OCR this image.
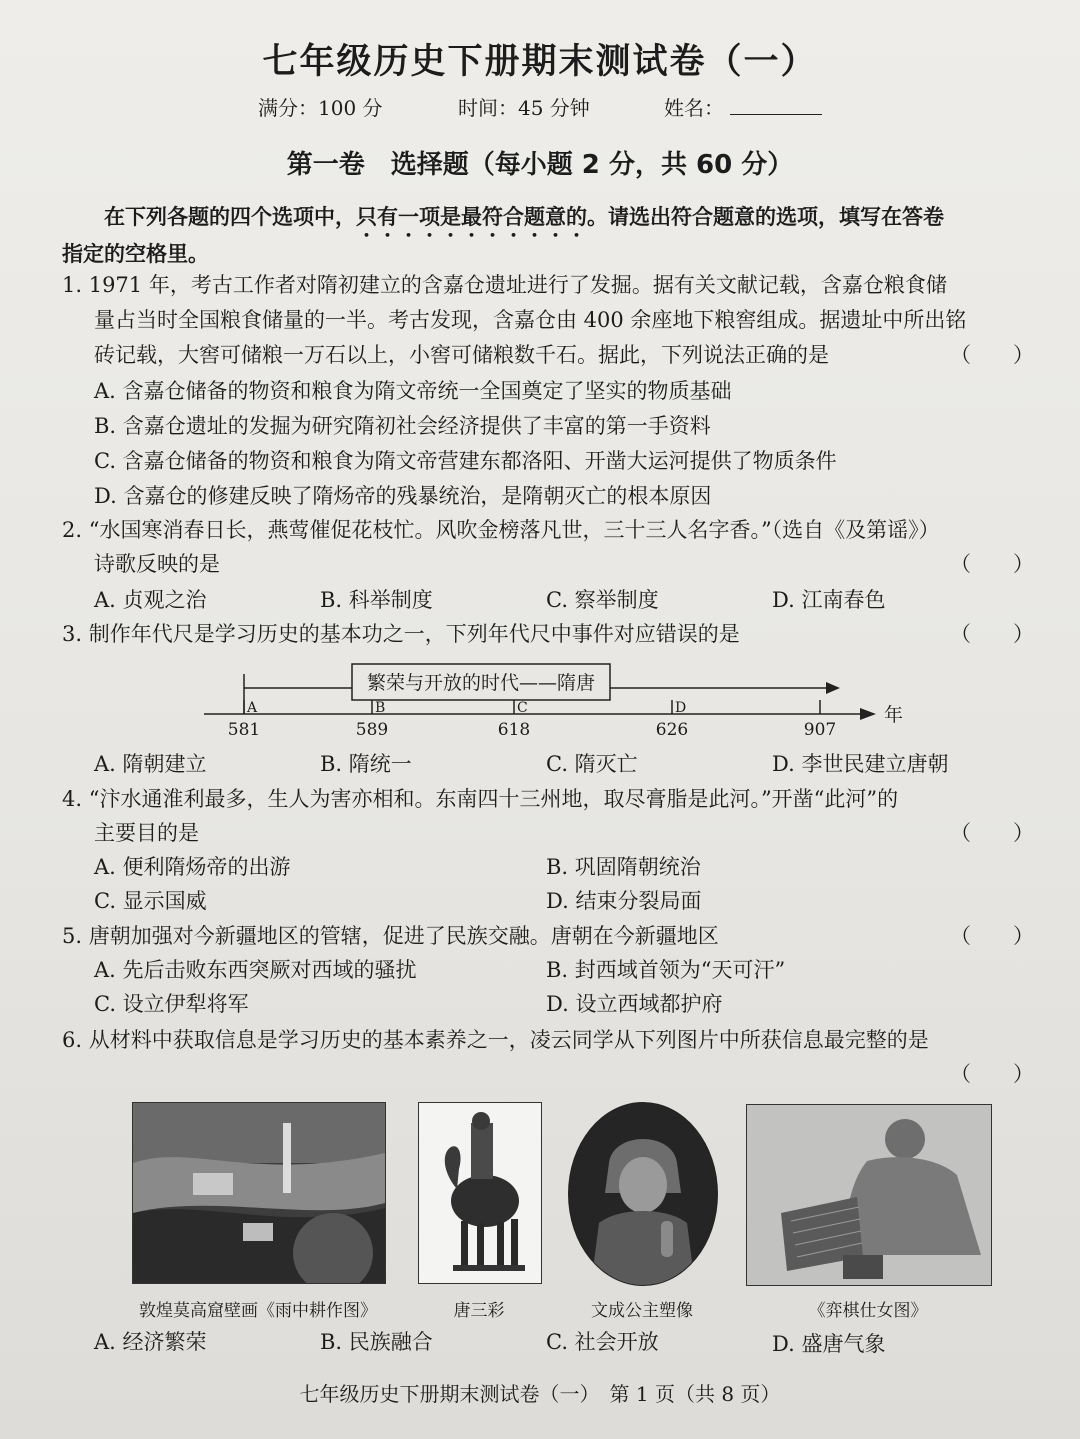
七年级历史下册期末测试卷（一）
满分：100 分	时间：45 分钟	姓名：
第一卷　选择题（每小题 2 分，共 60 分）
在下列各题的四个选项中，只有一项是最符合题意的。请选出符合题意的选项，填写在答卷
指定的空格里。
1. 1971 年，考古工作者对隋初建立的含嘉仓遗址进行了发掘。据有关文献记载，含嘉仓粮食储
量占当时全国粮食储量的一半。考古发现，含嘉仓由 400 余座地下粮窖组成。据遗址中所出铭
砖记载，大窖可储粮一万石以上，小窖可储粮数千石。据此，下列说法正确的是	（　　）
A. 含嘉仓储备的物资和粮食为隋文帝统一全国奠定了坚实的物质基础
B. 含嘉仓遗址的发掘为研究隋初社会经济提供了丰富的第一手资料
C. 含嘉仓储备的物资和粮食为隋文帝营建东都洛阳、开凿大运河提供了物质条件
D. 含嘉仓的修建反映了隋炀帝的残暴统治，是隋朝灭亡的根本原因
2. “水国寒消春日长，燕莺催促花枝忙。风吹金榜落凡世，三十三人名字香。”（选自《及第谣》）
诗歌反映的是	（　　）
A. 贞观之治	B. 科举制度	C. 察举制度	D. 江南春色
3. 制作年代尺是学习历史的基本功之一，下列年代尺中事件对应错误的是	（　　）
繁荣与开放的时代——隋唐
年
A
581
B
589
C
618
D
626	907
A. 隋朝建立	B. 隋统一	C. 隋灭亡	D. 李世民建立唐朝
4. “汴水通淮利最多，生人为害亦相和。东南四十三州地，取尽膏脂是此河。”开凿“此河”的
主要目的是	（　　）
A. 便利隋炀帝的出游	B. 巩固隋朝统治
C. 显示国威	D. 结束分裂局面
5. 唐朝加强对今新疆地区的管辖，促进了民族交融。唐朝在今新疆地区	（　　）
A. 先后击败东西突厥对西域的骚扰	B. 封西域首领为“天可汗”
C. 设立伊犁将军	D. 设立西域都护府
6. 从材料中获取信息是学习历史的基本素养之一，凌云同学从下列图片中所获信息最完整的是
（　　）
敦煌莫高窟壁画《雨中耕作图》	唐三彩	文成公主塑像	《弈棋仕女图》
A. 经济繁荣	B. 民族融合	C. 社会开放	D. 盛唐气象
七年级历史下册期末测试卷（一）　第 1 页（共 8 页）
